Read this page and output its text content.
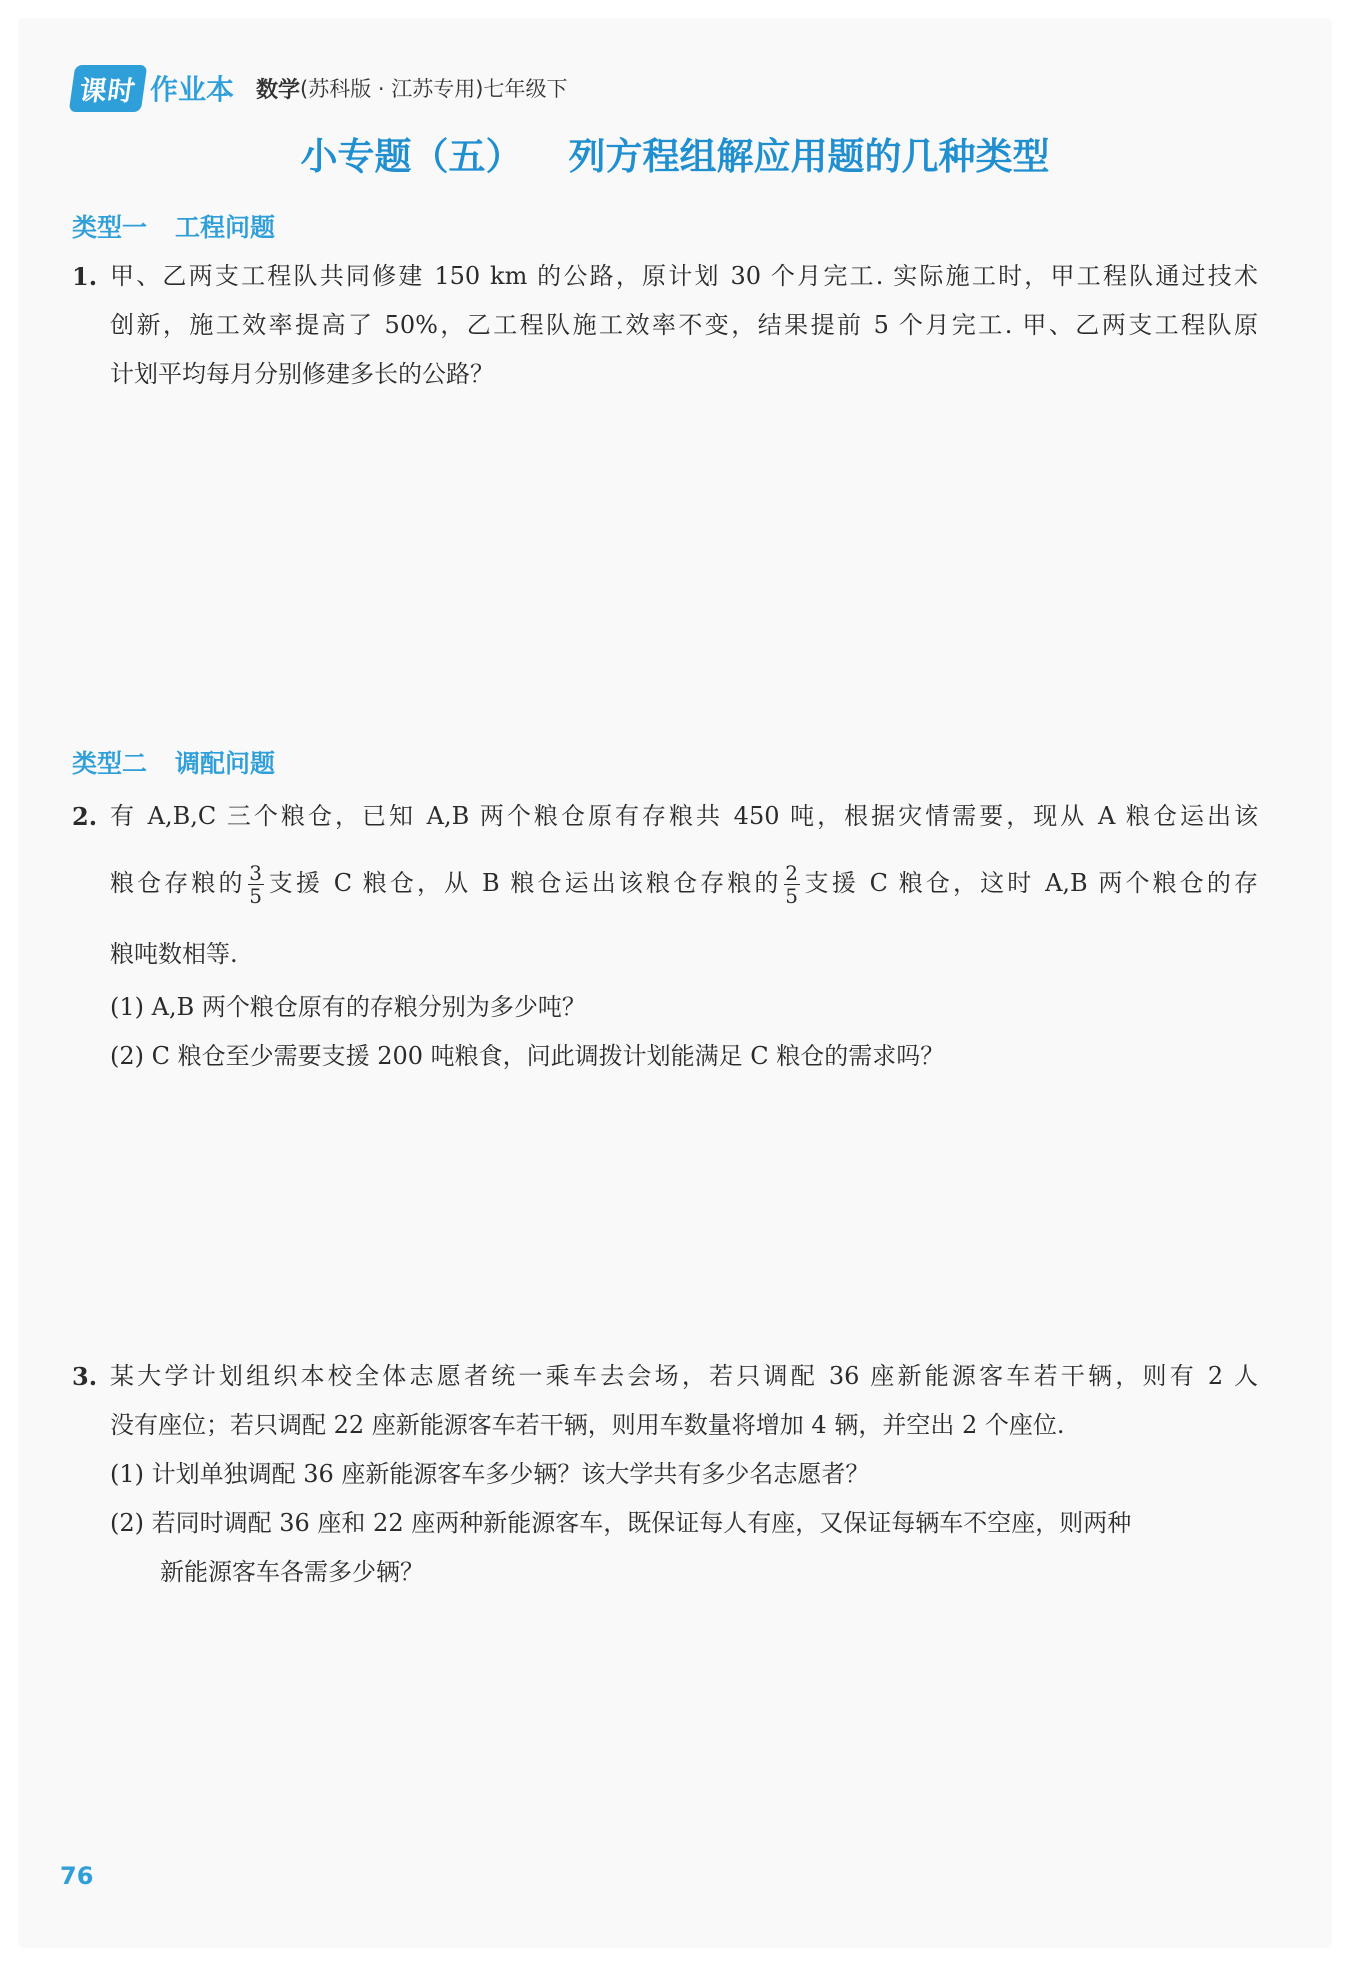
课时 作业本 数学 (苏科版 · 江苏专用)七年级下
小专题（五） 列方程组解应用题的几种类型
类型一 工程问题
1. 甲、乙两支工程队共同修建 150 km 的公路，原计划 30 个月完工. 实际施工时，甲工程队通过技术
创新，施工效率提高了 50%，乙工程队施工效率不变，结果提前 5 个月完工. 甲、乙两支工程队原
计划平均每月分别修建多长的公路？
类型二 调配问题
2. 有 A,B,C 三个粮仓，已知 A,B 两个粮仓原有存粮共 450 吨，根据灾情需要，现从 A 粮仓运出该
粮仓存粮的 $\frac{3}{5}$ 支援 C 粮仓，从 B 粮仓运出该粮仓存粮的 $\frac{2}{5}$ 支援 C 粮仓，这时 A,B 两个粮仓的存
粮吨数相等.
(1) A,B 两个粮仓原有的存粮分别为多少吨？
(2) C 粮仓至少需要支援 200 吨粮食，问此调拨计划能满足 C 粮仓的需求吗？
3. 某大学计划组织本校全体志愿者统一乘车去会场，若只调配 36 座新能源客车若干辆，则有 2 人
没有座位；若只调配 22 座新能源客车若干辆，则用车数量将增加 4 辆，并空出 2 个座位.
(1) 计划单独调配 36 座新能源客车多少辆？该大学共有多少名志愿者？
(2) 若同时调配 36 座和 22 座两种新能源客车，既保证每人有座，又保证每辆车不空座，则两种
新能源客车各需多少辆？
76
